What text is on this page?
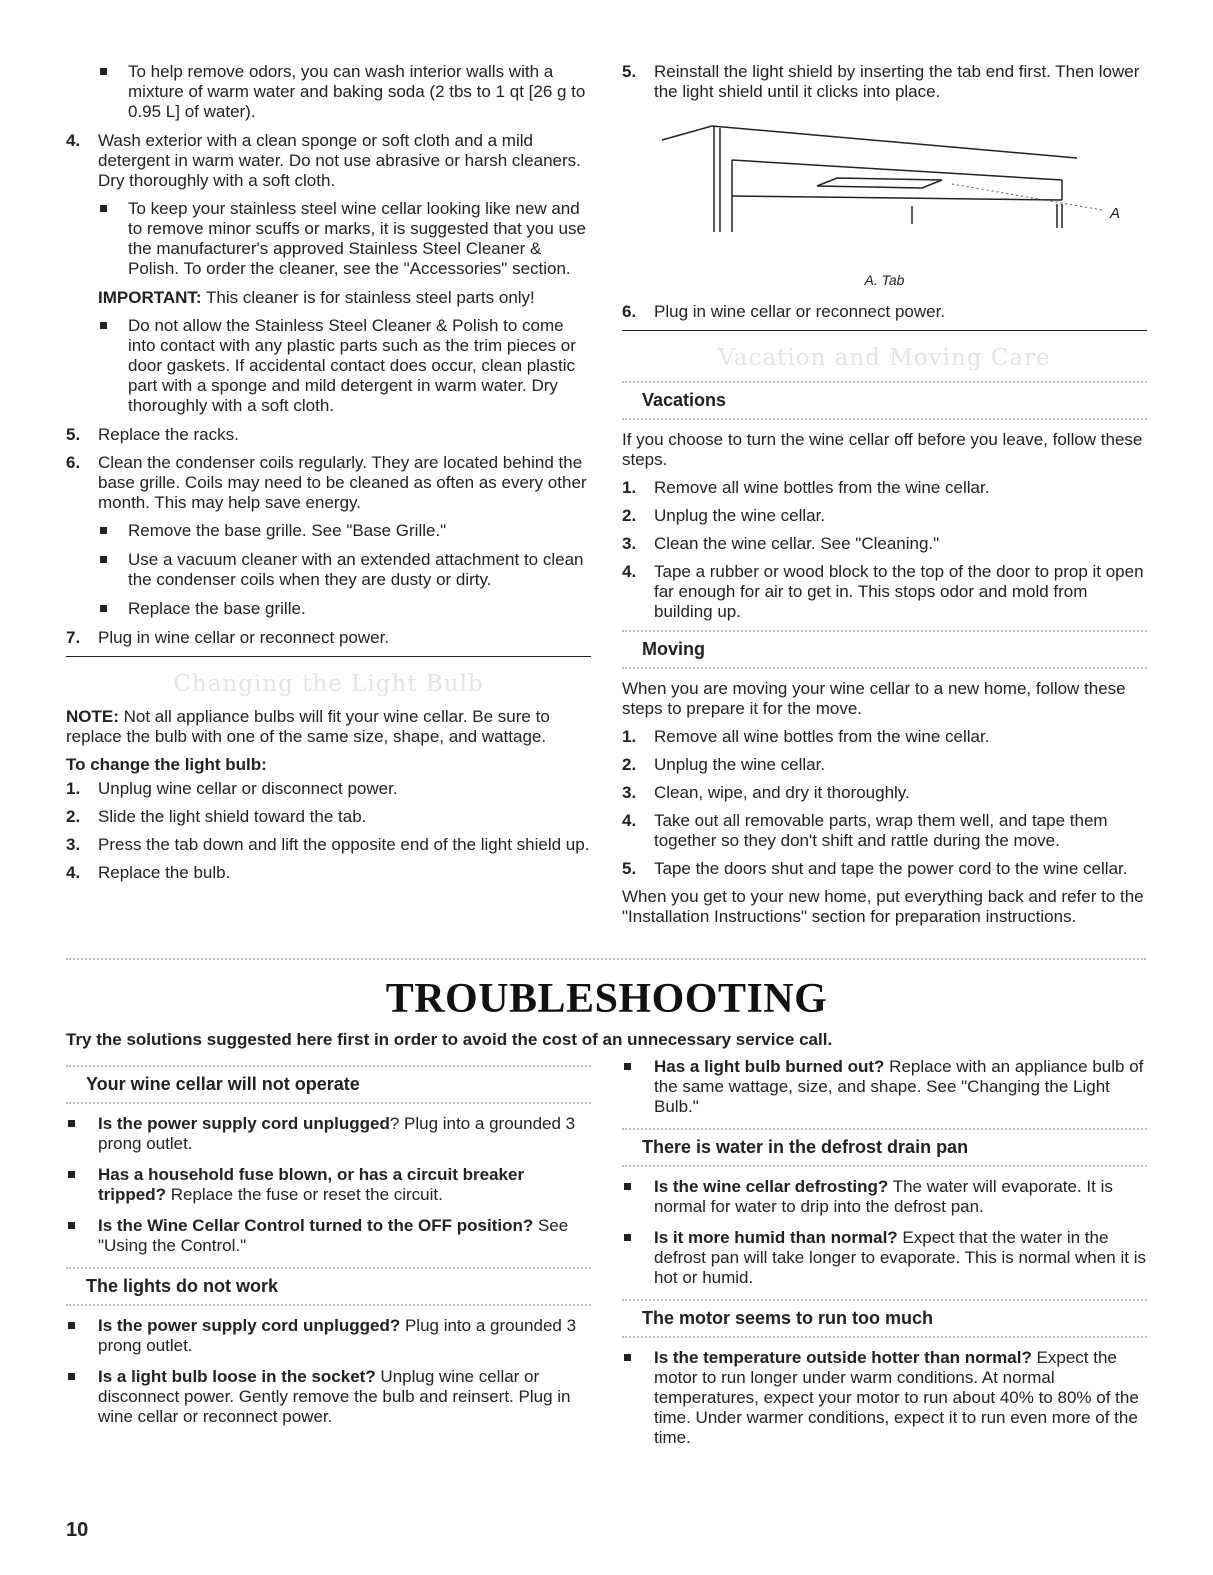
To help remove odors, you can wash interior walls with a mixture of warm water and baking soda (2 tbs to 1 qt [26 g to 0.95 L] of water).
4. Wash exterior with a clean sponge or soft cloth and a mild detergent in warm water. Do not use abrasive or harsh cleaners. Dry thoroughly with a soft cloth.
To keep your stainless steel wine cellar looking like new and to remove minor scuffs or marks, it is suggested that you use the manufacturer's approved Stainless Steel Cleaner & Polish. To order the cleaner, see the "Accessories" section.

IMPORTANT: This cleaner is for stainless steel parts only!

Do not allow the Stainless Steel Cleaner & Polish to come into contact with any plastic parts such as the trim pieces or door gaskets. If accidental contact does occur, clean plastic part with a sponge and mild detergent in warm water. Dry thoroughly with a soft cloth.
5. Replace the racks.
6. Clean the condenser coils regularly. They are located behind the base grille. Coils may need to be cleaned as often as every other month. This may help save energy.
Remove the base grille. See "Base Grille."
Use a vacuum cleaner with an extended attachment to clean the condenser coils when they are dusty or dirty.
Replace the base grille.
7. Plug in wine cellar or reconnect power.
Changing the Light Bulb

NOTE: Not all appliance bulbs will fit your wine cellar. Be sure to replace the bulb with one of the same size, shape, and wattage.

To change the light bulb:

1. Unplug wine cellar or disconnect power.
2. Slide the light shield toward the tab.
3. Press the tab down and lift the opposite end of the light shield up.
4. Replace the bulb.
5. Reinstall the light shield by inserting the tab end first. Then lower the light shield until it clicks into place.
A

A. Tab

6. Plug in wine cellar or reconnect power.
Vacation and Moving Care
Vacations

If you choose to turn the wine cellar off before you leave, follow these steps.

1. Remove all wine bottles from the wine cellar.
2. Unplug the wine cellar.
3. Clean the wine cellar. See "Cleaning."
4. Tape a rubber or wood block to the top of the door to prop it open far enough for air to get in. This stops odor and mold from building up.
Moving

When you are moving your wine cellar to a new home, follow these steps to prepare it for the move.

1. Remove all wine bottles from the wine cellar.
2. Unplug the wine cellar.
3. Clean, wipe, and dry it thoroughly.
4. Take out all removable parts, wrap them well, and tape them together so they don't shift and rattle during the move.
5. Tape the doors shut and tape the power cord to the wine cellar.

When you get to your new home, put everything back and refer to the "Installation Instructions" section for preparation instructions.

TROUBLESHOOTING
Try the solutions suggested here first in order to avoid the cost of an unnecessary service call.
Your wine cellar will not operate
Is the power supply cord unplugged? Plug into a grounded 3 prong outlet.
Has a household fuse blown, or has a circuit breaker tripped? Replace the fuse or reset the circuit.
Is the Wine Cellar Control turned to the OFF position? See "Using the Control."
The lights do not work
Is the power supply cord unplugged? Plug into a grounded 3 prong outlet.
Is a light bulb loose in the socket? Unplug wine cellar or disconnect power. Gently remove the bulb and reinsert. Plug in wine cellar or reconnect power.
Has a light bulb burned out? Replace with an appliance bulb of the same wattage, size, and shape. See "Changing the Light Bulb."
There is water in the defrost drain pan
Is the wine cellar defrosting? The water will evaporate. It is normal for water to drip into the defrost pan.
Is it more humid than normal? Expect that the water in the defrost pan will take longer to evaporate. This is normal when it is hot or humid.
The motor seems to run too much
Is the temperature outside hotter than normal? Expect the motor to run longer under warm conditions. At normal temperatures, expect your motor to run about 40% to 80% of the time. Under warmer conditions, expect it to run even more of the time.
10
